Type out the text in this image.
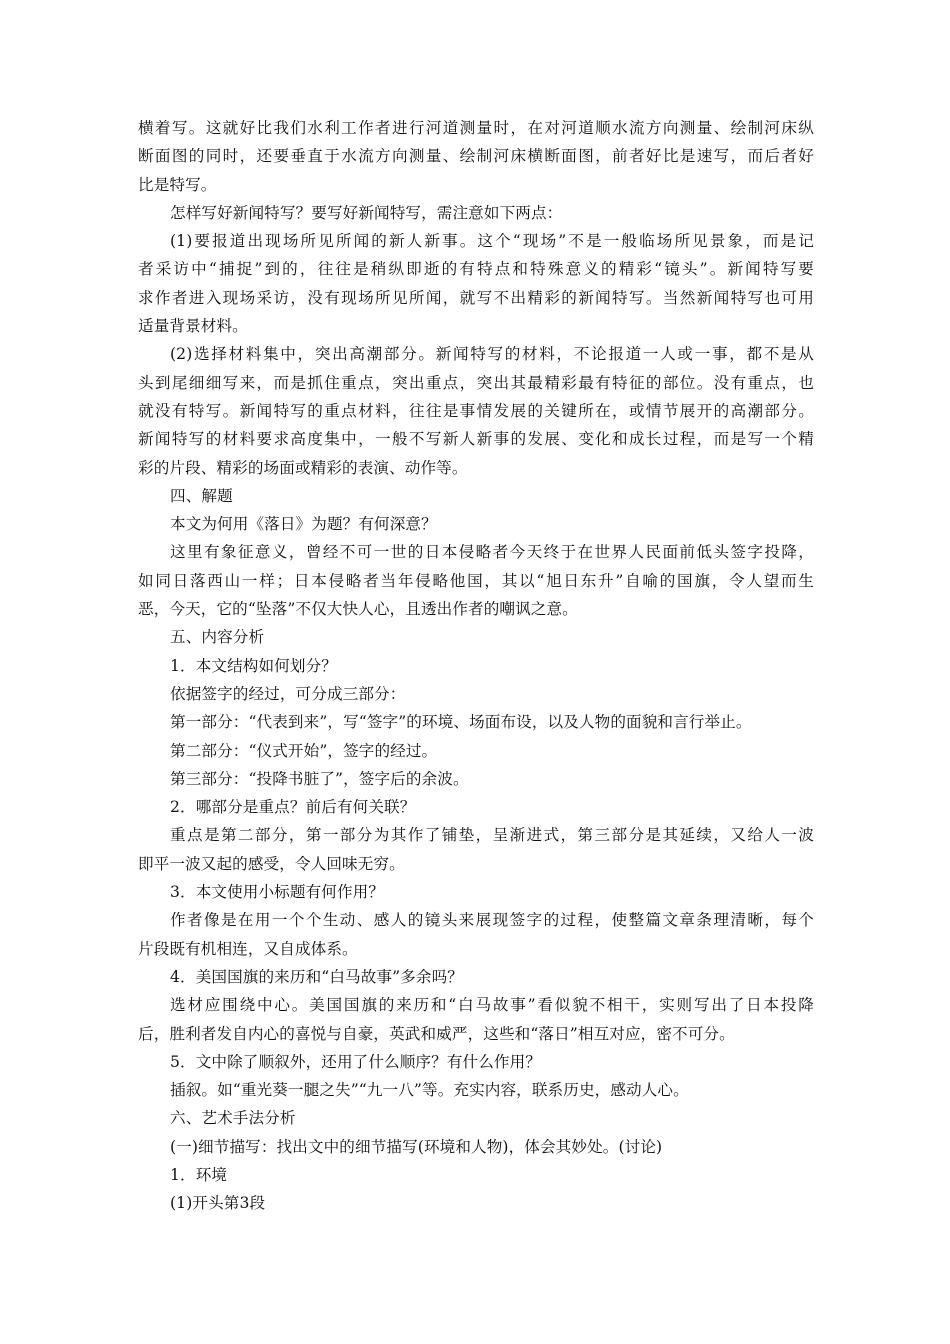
横着写。这就好比我们水利工作者进行河道测量时，在对河道顺水流方向测量、绘制河床纵
断面图的同时，还要垂直于水流方向测量、绘制河床横断面图，前者好比是速写，而后者好
比是特写。
怎样写好新闻特写？要写好新闻特写，需注意如下两点：
(1)要报道出现场所见所闻的新人新事。这个“现场”不是一般临场所见景象，而是记
者采访中“捕捉”到的，往往是稍纵即逝的有特点和特殊意义的精彩“镜头”。新闻特写要
求作者进入现场采访，没有现场所见所闻，就写不出精彩的新闻特写。当然新闻特写也可用
适量背景材料。
(2)选择材料集中，突出高潮部分。新闻特写的材料，不论报道一人或一事，都不是从
头到尾细细写来，而是抓住重点，突出重点，突出其最精彩最有特征的部位。没有重点，也
就没有特写。新闻特写的重点材料，往往是事情发展的关键所在，或情节展开的高潮部分。
新闻特写的材料要求高度集中，一般不写新人新事的发展、变化和成长过程，而是写一个精
彩的片段、精彩的场面或精彩的表演、动作等。
四、解题
本文为何用《落日》为题？有何深意？
这里有象征意义，曾经不可一世的日本侵略者今天终于在世界人民面前低头签字投降，
如同日落西山一样；日本侵略者当年侵略他国，其以“旭日东升”自喻的国旗，令人望而生
恶，今天，它的“坠落”不仅大快人心，且透出作者的嘲讽之意。
五、内容分析
1．本文结构如何划分？
依据签字的经过，可分成三部分：
第一部分：“代表到来”，写“签字”的环境、场面布设，以及人物的面貌和言行举止。
第二部分：“仪式开始”，签字的经过。
第三部分：“投降书脏了”，签字后的余波。
2．哪部分是重点？前后有何关联？
重点是第二部分，第一部分为其作了铺垫，呈渐进式，第三部分是其延续，又给人一波
即平一波又起的感受，令人回味无穷。
3．本文使用小标题有何作用？
作者像是在用一个个生动、感人的镜头来展现签字的过程，使整篇文章条理清晰，每个
片段既有机相连，又自成体系。
4．美国国旗的来历和“白马故事”多余吗？
选材应围绕中心。美国国旗的来历和“白马故事”看似貌不相干，实则写出了日本投降
后，胜利者发自内心的喜悦与自豪，英武和威严，这些和“落日”相互对应，密不可分。
5．文中除了顺叙外，还用了什么顺序？有什么作用？
插叙。如“重光葵一腿之失”“九一八”等。充实内容，联系历史，感动人心。
六、艺术手法分析
(一)细节描写：找出文中的细节描写(环境和人物)，体会其妙处。(讨论)
1．环境
(1)开头第3段
